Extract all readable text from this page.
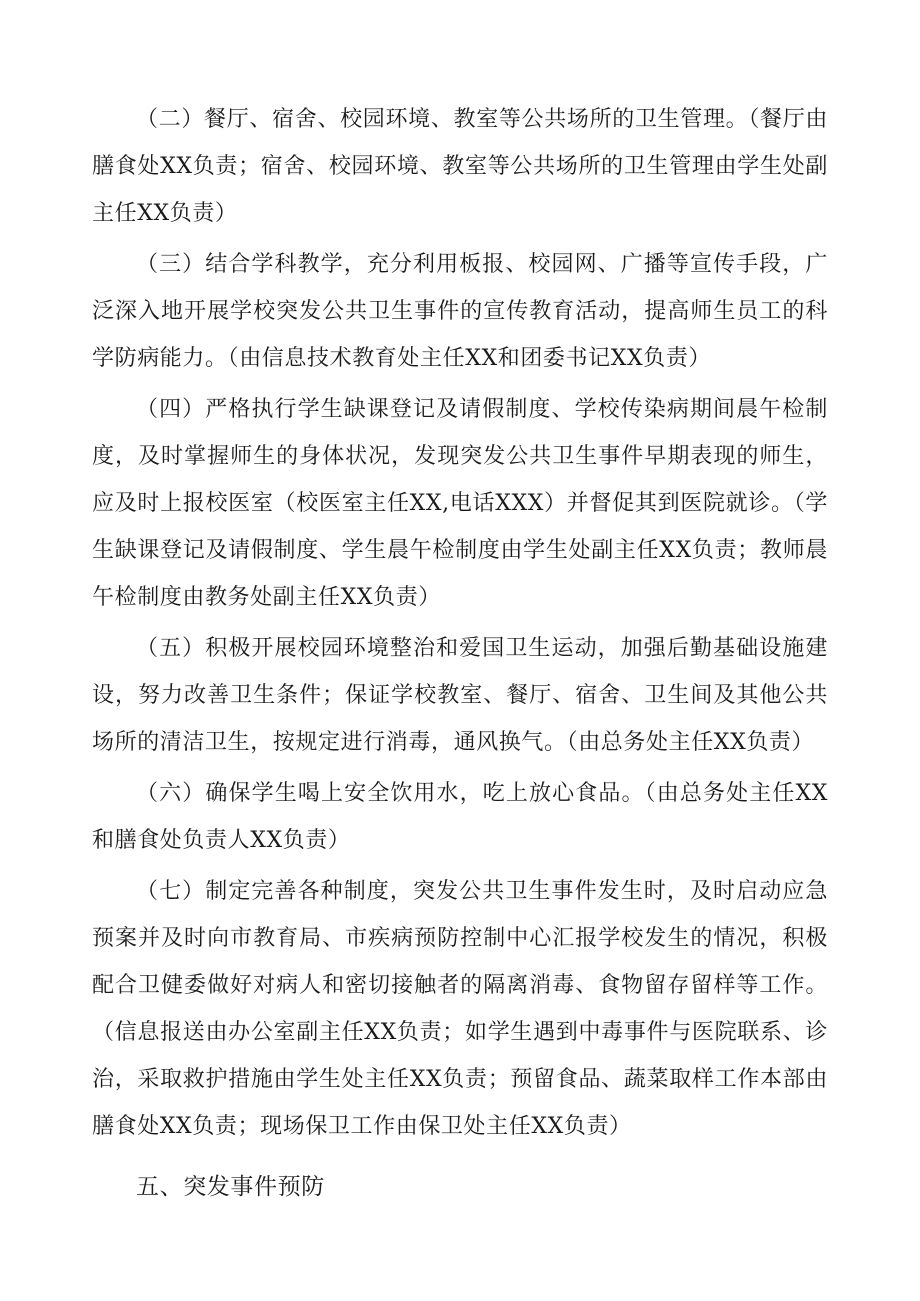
（二）餐厅、宿舍、校园环境、教室等公共场所的卫生管理。（餐厅由膳食处XX负责；宿舍、校园环境、教室等公共场所的卫生管理由学生处副主任XX负责）

（三）结合学科教学，充分利用板报、校园网、广播等宣传手段，广泛深入地开展学校突发公共卫生事件的宣传教育活动，提高师生员工的科学防病能力。（由信息技术教育处主任XX和团委书记XX负责）

（四）严格执行学生缺课登记及请假制度、学校传染病期间晨午检制度，及时掌握师生的身体状况，发现突发公共卫生事件早期表现的师生，应及时上报校医室（校医室主任XX,电话XXX）并督促其到医院就诊。（学生缺课登记及请假制度、学生晨午检制度由学生处副主任XX负责；教师晨午检制度由教务处副主任XX负责）

（五）积极开展校园环境整治和爱国卫生运动，加强后勤基础设施建设，努力改善卫生条件；保证学校教室、餐厅、宿舍、卫生间及其他公共场所的清洁卫生，按规定进行消毒，通风换气。（由总务处主任XX负责）

（六）确保学生喝上安全饮用水，吃上放心食品。（由总务处主任XX和膳食处负责人XX负责）

（七）制定完善各种制度，突发公共卫生事件发生时，及时启动应急预案并及时向市教育局、市疾病预防控制中心汇报学校发生的情况，积极配合卫健委做好对病人和密切接触者的隔离消毒、食物留存留样等工作。（信息报送由办公室副主任XX负责；如学生遇到中毒事件与医院联系、诊治，采取救护措施由学生处主任XX负责；预留食品、蔬菜取样工作本部由膳食处XX负责；现场保卫工作由保卫处主任XX负责）

五、突发事件预防
